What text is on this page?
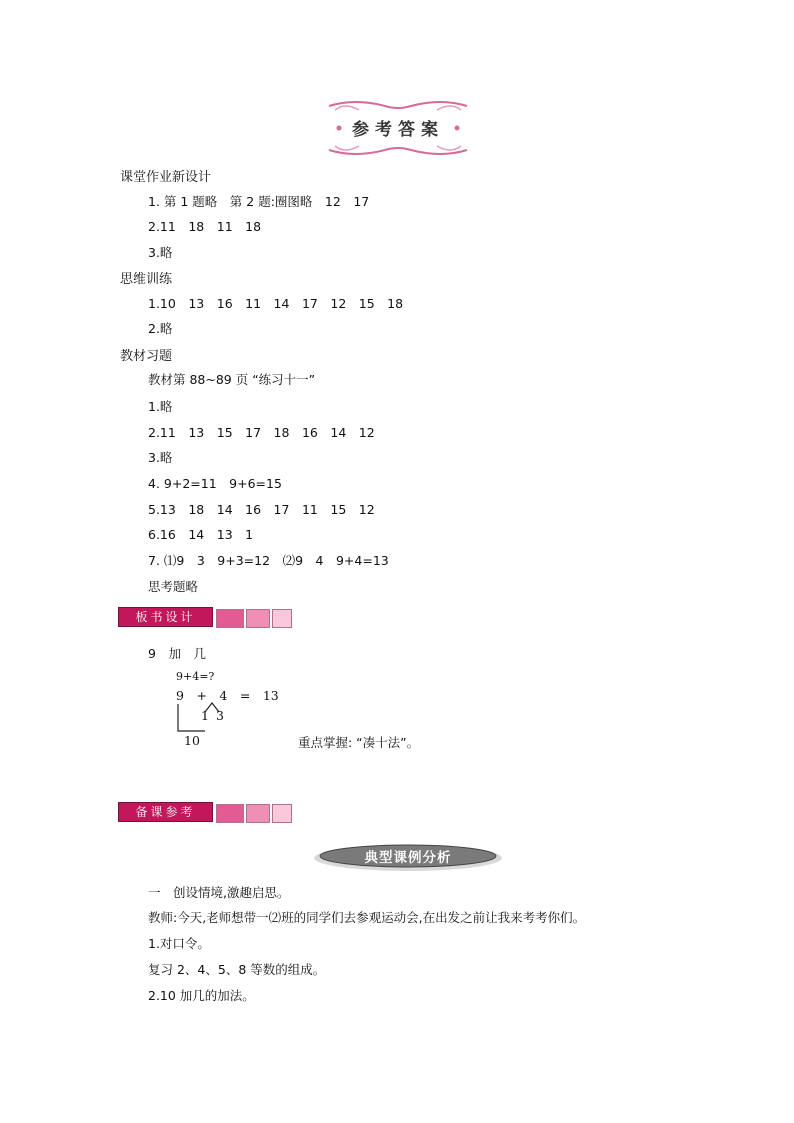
参考答案
课堂作业新设计
1. 第 1 题略　第 2 题:圈图略　12　17
2.11　18　11　18
3.略
思维训练
1.10　13　16　11　14　17　12　15　18
2.略
教材习题
教材第 88~89 页 “练习十一”
1.略
2.11　13　15　17　18　16　14　12
3.略
4. 9+2=11　9+6=15
5.13　18　14　16　17　11　15　12
6.16　14　13　1
7. ⑴9　3　9+3=12　⑵9　4　9+4=13
思考题略
板书设计
9　加　几
9+4=?
9　+　4　=　13
1 3
10	重点掌握: “凑十法”。
备课参考
典型课例分析
一　创设情境,激趣启思。
教师:今天,老师想带一⑵班的同学们去参观运动会,在出发之前让我来考考你们。
1.对口令。
复习 2、4、5、8 等数的组成。
2.10 加几的加法。
